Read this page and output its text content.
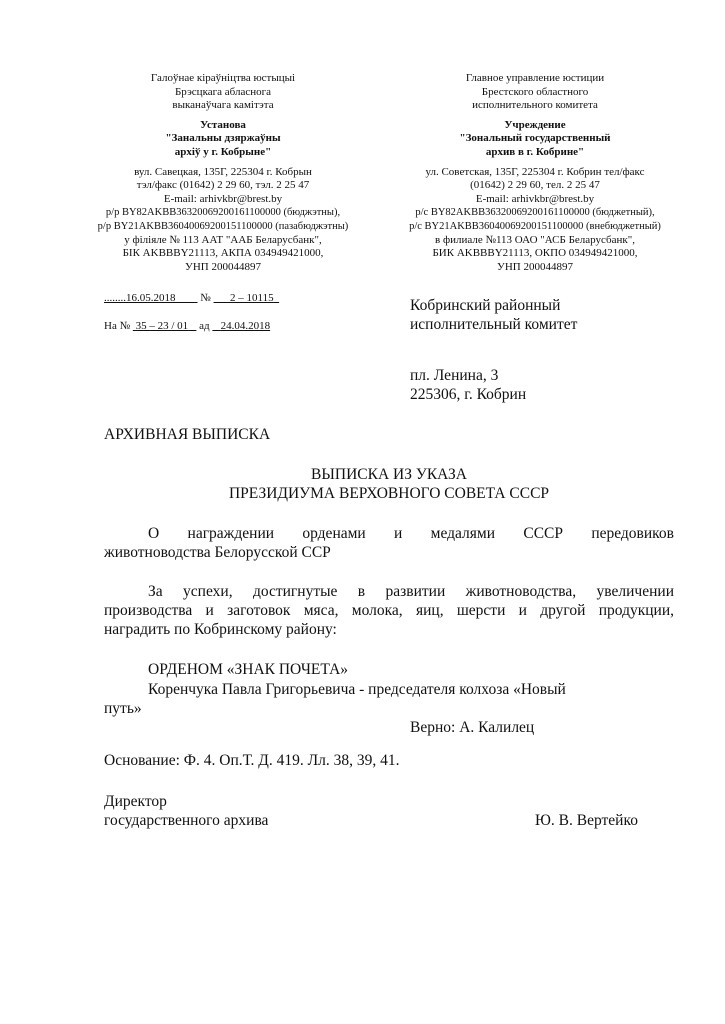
Галоўнае кіраўніцтва юстыцыі
Брэсцкага абласнога
выканаўчага камітэта
Установа
"Занальны дзяржаўны
архіў у г. Кобрыне"
вул. Савецкая, 135Г, 225304 г. Кобрын
тэл/факс (01642) 2 29 60, тэл. 2 25 47
E-mail: arhivkbr@brest.by
р/р BY82AKBB36320069200161100000 (бюджэтны),
р/р BY21AKBB36040069200151100000 (пазабюджэтны)
у філіяле № 113 ААТ "ААБ Беларусбанк",
БІК AKBBBY21113, АКПА 034949421000,
УНП 200044897
Главное управление юстиции
Брестского областного
исполнительного комитета
Учреждение
"Зональный государственный
архив в г. Кобрине"
ул. Советская, 135Г, 225304 г. Кобрин тел/факс
(01642) 2 29 60, тел. 2 25 47
E-mail: arhivkbr@brest.by
р/с BY82AKBB36320069200161100000 (бюджетный),
р/с BY21AKBB36040069200151100000 (внебюджетный)
в филиале №113 ОАО "АСБ Беларусбанк",
БИК AKBBBY21113, ОКПО 034949421000,
УНП 200044897
........16.05.2018 № 2 – 10115
На № 35 – 23 / 01 ад 24.04.2018
Кобринский районный
исполнительный комитет
пл. Ленина, 3
225306, г. Кобрин
АРХИВНАЯ ВЫПИСКА
ВЫПИСКА ИЗ УКАЗА
ПРЕЗИДИУМА ВЕРХОВНОГО СОВЕТА СССР
О награждении орденами и медалями СССР передовиков
животноводства Белорусской ССР
За успехи, достигнутые в развитии животноводства, увеличении
производства и заготовок мяса, молока, яиц, шерсти и другой продукции,
наградить по Кобринскому району:
ОРДЕНОМ «ЗНАК ПОЧЕТА»
Коренчука Павла Григорьевича - председателя колхоза «Новый
путь»
Верно: А. Калилец
Основание: Ф. 4. Оп.Т. Д. 419. Лл. 38, 39, 41.
Директор
государственного архива	Ю. В. Вертейко
